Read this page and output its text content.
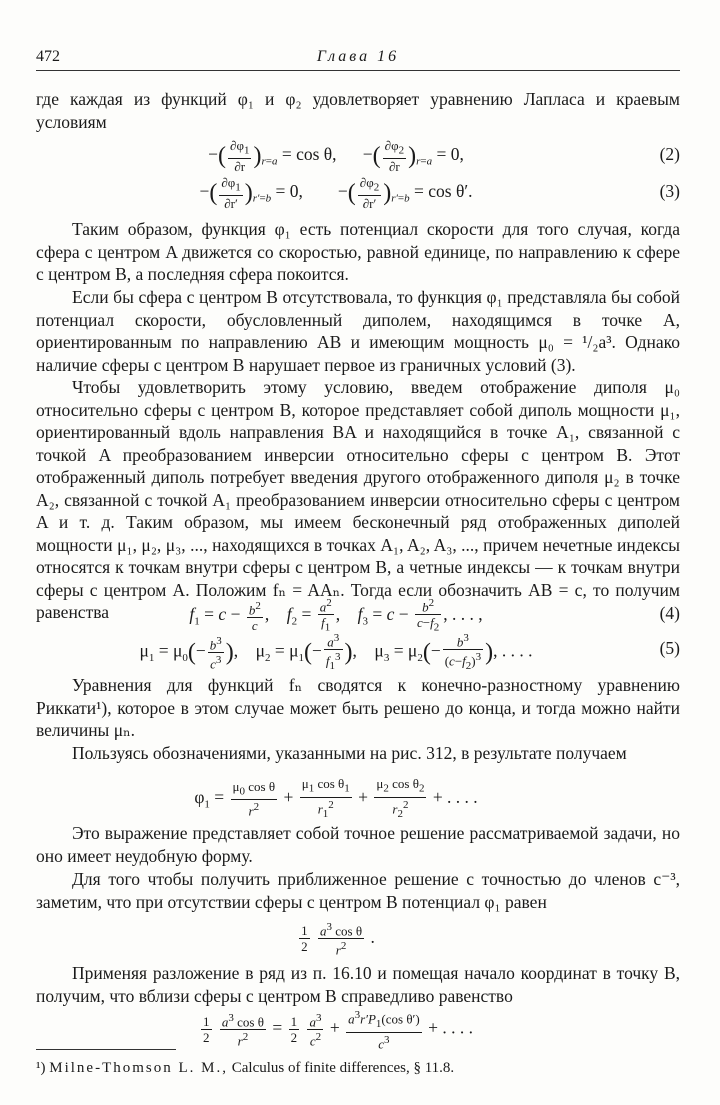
472	Глава 16

где каждая из функций φ₁ и φ₂ удовлетворяет уравнению Лапласа и краевым условиям

−( $\frac{\partial\varphi_1}{\partial r} )_{r=a} = \cos \theta$,      −( $\frac{\partial\varphi_2}{\partial r} )_{r=a} = 0$,	(2)
−( $\frac{\partial\varphi_1}{\partial r'} )_{r'=b} = 0$,        −( $\frac{\partial\varphi_2}{\partial r'} )_{r'=b} = \cos \theta'$.	(3)

Таким образом, функция φ₁ есть потенциал скорости для того случая, когда сфера с центром A движется со скоростью, равной единице, по направлению к сфере с центром B, а последняя сфера покоится.

Если бы сфера с центром B отсутствовала, то функция φ₁ представляла бы собой потенциал скорости, обусловленный диполем, находящимся в точке A, ориентированным по направлению AB и имеющим мощность μ₀ = ¹/₂a³. Однако наличие сферы с центром B нарушает первое из граничных условий (3).

Чтобы удовлетворить этому условию, введем отображение диполя μ₀ относительно сферы с центром B, которое представляет собой диполь мощности μ₁, ориентированный вдоль направления BA и находящийся в точке A₁, связанной с точкой A преобразованием инверсии относительно сферы с центром B. Этот отображенный диполь потребует введения другого отображенного диполя μ₂ в точке A₂, связанной с точкой A₁ преобразованием инверсии относительно сферы с центром A и т. д. Таким образом, мы имеем бесконечный ряд отображенных диполей мощности μ₁, μ₂, μ₃, ..., находящихся в точках A₁, A₂, A₃, ..., причем нечетные индексы относятся к точкам внутри сферы с центром B, а четные индексы — к точкам внутри сферы с центром A. Положим fₙ = AAₙ. Тогда если обозначить AB = c, то получим равенства	$f_1 = c - \frac{b^2}{c}$ ,    $f_2 = \frac{a^2}{f_1}$ ,    $f_3 = c - \frac{b^2}{c-f_2}$ , . . . ,	(4)
$\mu_1 = \mu_0(- \frac{b^3}{c^3}$ ),    $\mu_2 = \mu_1(- \frac{a^3}{f_1^3}$ ),    $\mu_3 = \mu_2(- \frac{b^3}{(c-f_2)^3}$ ), . . . .	(5)

Уравнения для функций fₙ сводятся к конечно-разностному уравнению Риккати¹), которое в этом случае может быть решено до конца, и тогда можно найти величины μₙ.

Пользуясь обозначениями, указанными на рис. 312, в результате получаем

$\varphi_1 = \frac{\mu_0 \cos \theta}{r^2} + \frac{\mu_1 \cos \theta_1}{r_1^2} + \frac{\mu_2 \cos \theta_2}{r_2^2}$ + . . . .

Это выражение представляет собой точное решение рассматриваемой задачи, но оно имеет неудобную форму.

Для того чтобы получить приближенное решение с точностью до членов c⁻³, заметим, что при отсутствии сферы с центром B потенциал φ₁ равен

$\frac{1}{2}$
$\frac{a^3 \cos \theta}{r^2}$ .

Применяя разложение в ряд из п. 16.10 и помещая начало координат в точку B, получим, что вблизи сферы с центром B справедливо равенство

$\frac{1}{2}$
$\frac{a^3 \cos \theta}{r^2} = \frac{1}{2}$
$\frac{a^3}{c^2} + \frac{a^3r'P_1(\cos \theta')}{c^3}$ + . . . .
¹) Milne-Thomson L. M., Calculus of finite differences, § 11.8.
